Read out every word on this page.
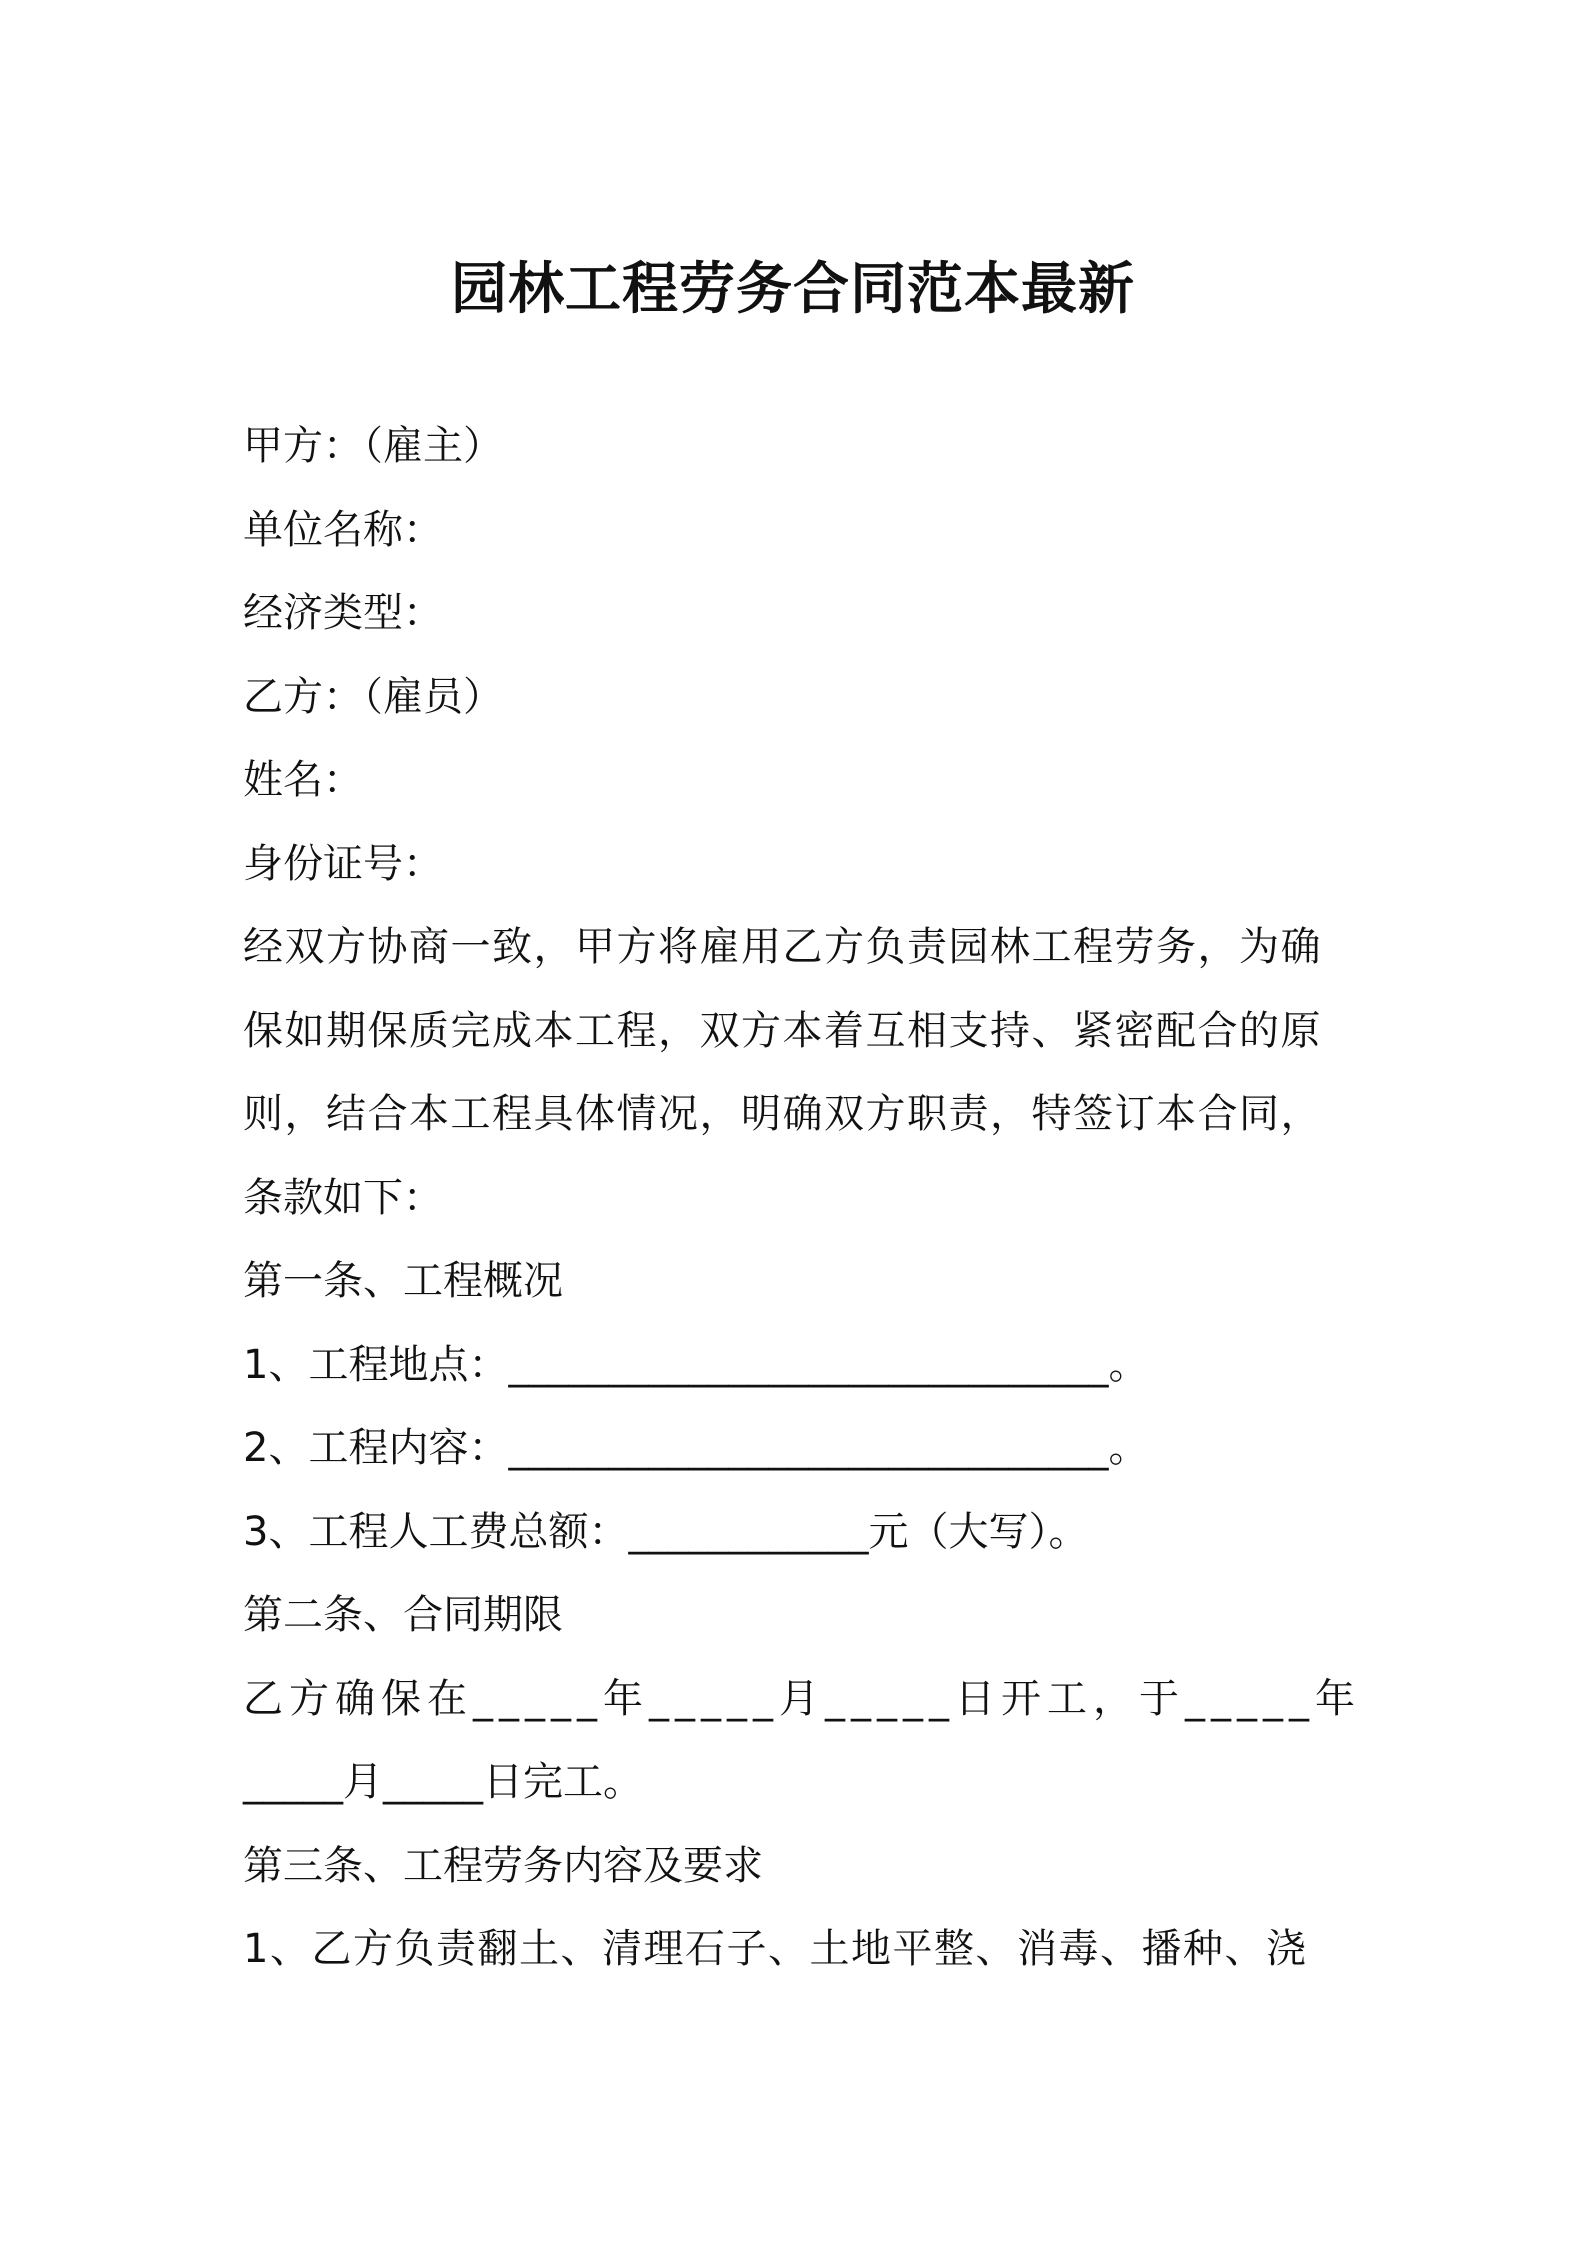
园林工程劳务合同范本最新
甲方：（雇主）
单位名称：
经济类型：
乙方：（雇员）
姓名：
身份证号：
经双方协商一致，甲方将雇用乙方负责园林工程劳务，为确
保如期保质完成本工程，双方本着互相支持、紧密配合的原
则，结合本工程具体情况，明确双方职责，特签订本合同，
条款如下：
第一条、工程概况
1、工程地点：______________________________。
2、工程内容：______________________________。
3、工程人工费总额：____________元（大写）。
第二条、合同期限
乙方确保在_____年_____月_____日开工，于_____年
_____月_____日完工。
第三条、工程劳务内容及要求
1、乙方负责翻土、清理石子、土地平整、消毒、播种、浇
